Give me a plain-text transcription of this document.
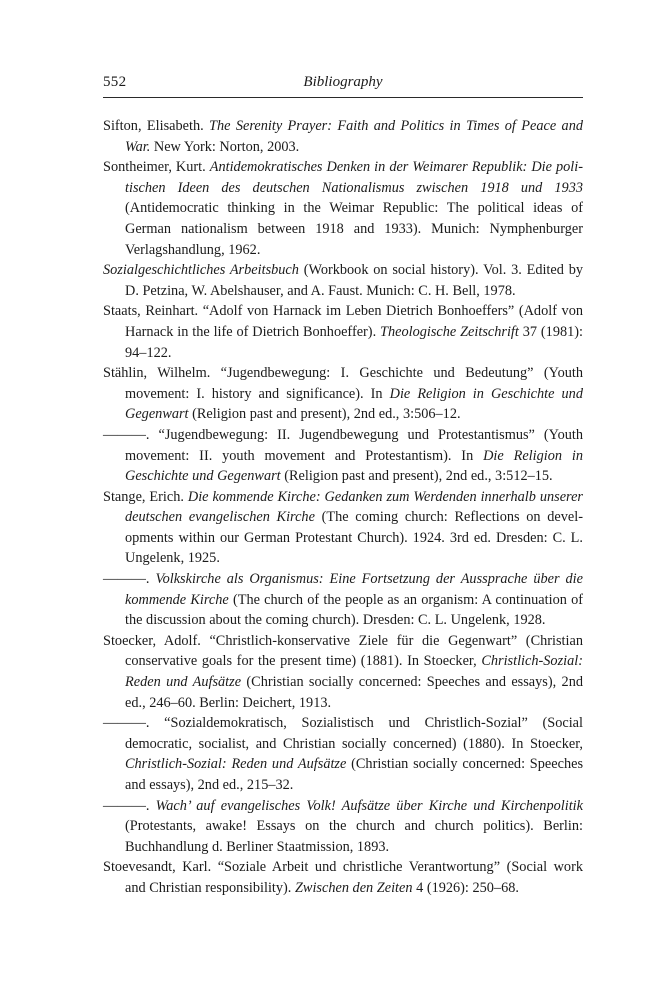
552	Bibliography

Sifton, Elisabeth. The Serenity Prayer: Faith and Politics in Times of Peace and War. New York: Norton, 2003.

Sontheimer, Kurt. Antidemokratisches Denken in der Weimarer Republik: Die politischen Ideen des deutschen Nationalismus zwischen 1918 und 1933 (Antidemocratic thinking in the Weimar Republic: The political ideas of German nationalism between 1918 and 1933). Munich: Nymphenburger Verlagshandlung, 1962.

Sozialgeschichtliches Arbeitsbuch (Workbook on social history). Vol. 3. Edited by D. Petzina, W. Abelshauser, and A. Faust. Munich: C. H. Bell, 1978.

Staats, Reinhart. “Adolf von Harnack im Leben Dietrich Bonhoeffers” (Adolf von Harnack in the life of Dietrich Bonhoeffer). Theologische Zeitschrift 37 (1981): 94–122.

Stählin, Wilhelm. “Jugendbewegung: I. Geschichte und Bedeutung” (Youth movement: I. history and significance). In Die Religion in Geschichte und Gegenwart (Religion past and present), 2nd ed., 3:506–12.

———. “Jugendbewegung: II. Jugendbewegung und Protestantismus” (Youth movement: II. youth movement and Protestantism). In Die Religion in Geschichte und Gegenwart (Religion past and present), 2nd ed., 3:512–15.

Stange, Erich. Die kommende Kirche: Gedanken zum Werdenden innerhalb unserer deutschen evangelischen Kirche (The coming church: Reflections on developments within our German Protestant Church). 1924. 3rd ed. Dresden: C. L. Ungelenk, 1925.

———. Volkskirche als Organismus: Eine Fortsetzung der Aussprache über die kommende Kirche (The church of the people as an organism: A continuation of the discussion about the coming church). Dresden: C. L. Ungelenk, 1928.

Stoecker, Adolf. “Christlich-konservative Ziele für die Gegenwart” (Christian conservative goals for the present time) (1881). In Stoecker, Christlich-Sozial: Reden und Aufsätze (Christian socially concerned: Speeches and essays), 2nd ed., 246–60. Berlin: Deichert, 1913.

———. “Sozialdemokratisch, Sozialistisch und Christlich-Sozial” (Social democratic, socialist, and Christian socially concerned) (1880). In Stoecker, Christlich-Sozial: Reden und Aufsätze (Christian socially concerned: Speeches and essays), 2nd ed., 215–32.

———. Wach’ auf evangelisches Volk! Aufsätze über Kirche und Kirchenpolitik (Protestants, awake! Essays on the church and church politics). Berlin: Buchhandlung d. Berliner Staatmission, 1893.

Stoevesandt, Karl. “Soziale Arbeit und christliche Verantwortung” (Social work and Christian responsibility). Zwischen den Zeiten 4 (1926): 250–68.
